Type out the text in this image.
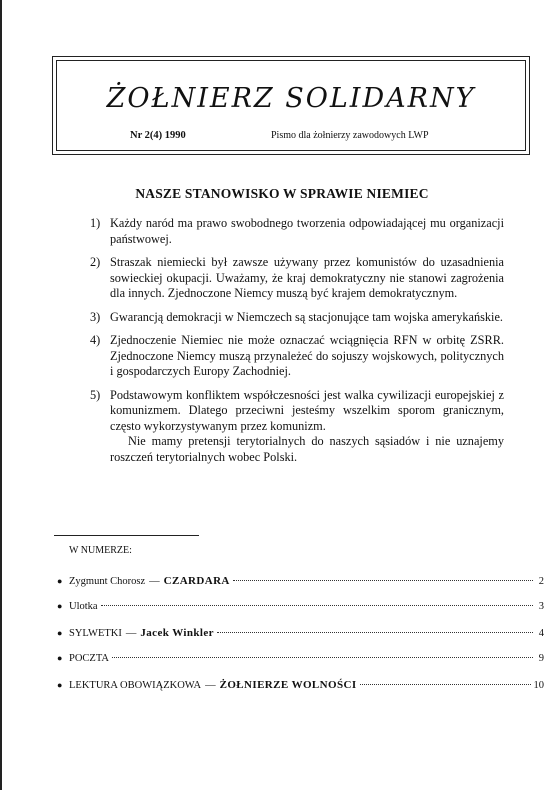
ŻOŁNIERZ SOLIDARNY
Nr 2(4) 1990	Pismo dla żołnierzy zawodowych LWP
NASZE STANOWISKO W SPRAWIE NIEMIEC
1) Każdy naród ma prawo swobodnego tworzenia odpowiadającej mu organizacji państwowej.
2) Straszak niemiecki był zawsze używany przez komunistów do uzasadnienia sowieckiej okupacji. Uważamy, że kraj demokratyczny nie stanowi zagrożenia dla innych. Zjednoczone Niemcy muszą być krajem demokratycznym.
3) Gwarancją demokracji w Niemczech są stacjonujące tam wojska amerykańskie.
4) Zjednoczenie Niemiec nie może oznaczać wciągnięcia RFN w orbitę ZSRR. Zjednoczone Niemcy muszą przynależeć do sojuszy wojskowych, politycznych i gospodarczych Europy Zachodniej.
5) Podstawowym konfliktem współczesności jest walka cywilizacji europejskiej z komunizmem. Dlatego przeciwni jesteśmy wszelkim sporom granicznym, często wykorzystywanym przez komunizm.
Nie mamy pretensji terytorialnych do naszych sąsiadów i nie uznajemy roszczeń terytorialnych wobec Polski.
W NUMERZE:
● Zygmunt Chorosz — CZARDARA	2
● Ulotka	3
● SYLWETKI — Jacek Winkler	4
● POCZTA	9
● LEKTURA OBOWIĄZKOWA — ŻOŁNIERZE WOLNOŚCI	10
